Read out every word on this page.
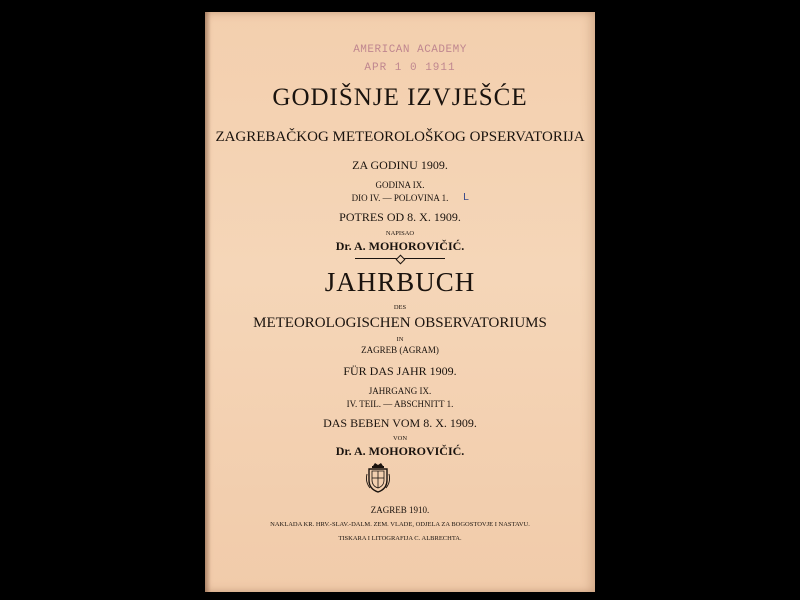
AMERICAN ACADEMY
APR 1 0 1911
GODIŠNJE IZVJEŠĆE
ZAGREBAČKOG METEOROLOŠKOG OPSERVATORIJA
ZA GODINU 1909.
GODINA IX.
DIO IV. — POLOVINA 1.	L
POTRES OD 8. X. 1909.
NAPISAO
Dr. A. MOHOROVIČIĆ.
JAHRBUCH
DES
METEOROLOGISCHEN OBSERVATORIUMS
IN
ZAGREB (AGRAM)
FÜR DAS JAHR 1909.
JAHRGANG IX.
IV. TEIL. — ABSCHNITT 1.
DAS BEBEN VOM 8. X. 1909.
VON
Dr. A. MOHOROVIČIĆ.
ZAGREB 1910.
NAKLADA KR. HRV.-SLAV.-DALM. ZEM. VLADE, ODJELA ZA BOGOSTOVJE I NASTAVU.
TISKARA I LITOGRAFIJA C. ALBRECHTA.
